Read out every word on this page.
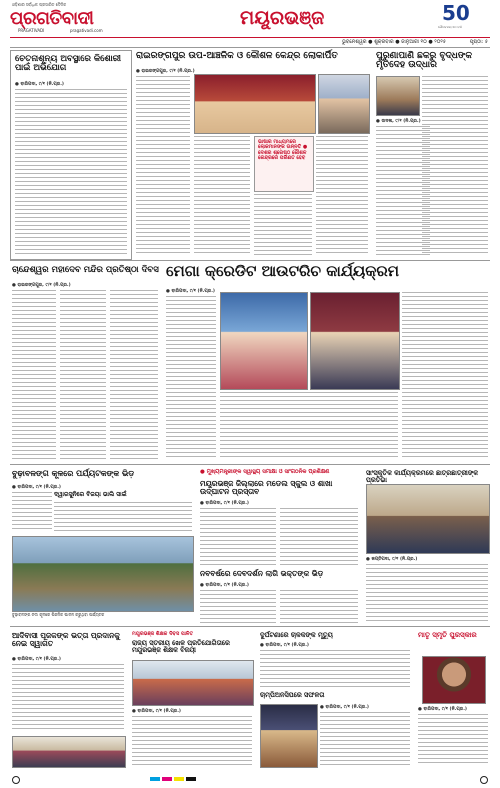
ଓଡ଼ିଶାର ସର୍ବାଧିକ ପ୍ରସାରିତ ଦୈନିକ
ପ୍ରଗତିବାଦୀ
PRAGATIVADI	pragativadi.com
ମୟୂରଭଞ୍ଜ	50
ଗୌରବମୟ ୫୦ ବର୍ଷ
ଭୁବନେଶ୍ୱର ● ଶୁକ୍ରବାର ● ଜାନୁଆରୀ ୧୦ ● ୨୦୨୫	ପୃଷ୍ଠା: ୫
ଚେତନାଶୂନ୍ୟ ଅବସ୍ଥାରେ କିଶୋରୀ ପାଇଁ ଅଭିଯୋଗ
● ବାରିପଦା, ୯/୧ (ନି.ପ୍ର.)
ରାଇରଙ୍ଗପୁର ଉପ-ଆଞ୍ଚଳିକ ଓ କୌଶଳ କେନ୍ଦ୍ର ଲୋକାର୍ପିତ
● ରାଇରଙ୍ଗପୁର, ୯/୧ (ନି.ପ୍ର.)
ଭାଷାର ମାଧ୍ୟମରେ ଲୋକମାନଙ୍କ ଉନ୍ନତି ● ଦେଶର ଶ୍ରେଷ୍ଠ କୌଶଳ କେନ୍ଦ୍ରରେ ପରିଣତ ହେବ
ପୁରୁଣାପାଣି ଛକରୁ ବୃଦ୍ଧଙ୍କ ମୃତଦେହ ଉଦ୍ଧାର
● ଉଦଳା, ୯/୧ (ନି.ପ୍ର.)
ଚାନ୍ଦେଶ୍ୱର ମହାଦେବ ମନ୍ଦିର ପ୍ରତିଷ୍ଠା ଦିବସ
● ରାଇରଙ୍ଗପୁର, ୯/୧ (ନି.ପ୍ର.)
ମେଗା କ୍ରେଡିଟ ଆଉଟରିଚ କାର୍ଯ୍ୟକ୍ରମ
● ବାରିପଦା, ୯/୧ (ନି.ପ୍ର.)
ବୁଢ଼ାବଳଙ୍ଗ କୂଳରେ ପର୍ଯ୍ୟଟକଙ୍କ ଭିଡ଼
● ବାରିପଦା, ୯/୧ (ନି.ପ୍ର.)
ଦ୍ୱାରସୁନିରେ ବିଜୟା ଭାଲି ସାଇଁ
ବୁଢ଼ାବଳଙ୍ଗ ନଦୀ କୂଳରେ ପିକନିକ ପାଳନ କରୁଥିବା ପର୍ଯ୍ୟଟକ
● ମୁଖ୍ୟମନ୍ତ୍ରୀଙ୍କ ସ୍ୱାସ୍ଥ୍ୟ ସମୀକ୍ଷା ଓ ସାଂଗଠନିକ ପ୍ରଶିକ୍ଷଣ
ମୟୂରଭଞ୍ଜ ଜିଲ୍ଲାରେ ମଡେଲ ସ୍କୁଲ ଓ ଶାଖା ଉଦ୍‌ଘାଟନ ପ୍ରସ୍ତାବ
● ବାରିପଦା, ୯/୧ (ନି.ପ୍ର.)
ନବବର୍ଷରେ ଦେବଦର୍ଶନ ଲାଗି ଭକ୍ତଙ୍କ ଭିଡ଼
● ବାରିପଦା, ୯/୧ (ନି.ପ୍ର.)
ସାଂସ୍କୃତିକ କାର୍ଯ୍ୟକ୍ରମରେ ଛାତ୍ରଛାତ୍ରୀଙ୍କ ପ୍ରତିଭା
● କପ୍ତିପଦା, ୯/୧ (ନି.ପ୍ର.)
ଆଦିବାସୀ ପୂଜକଙ୍କ ଭତ୍ତା ପ୍ରଦାନକୁ ନେଇ ସ୍ୱାଗତ
● ବାରିପଦା, ୯/୧ (ନି.ପ୍ର.)
ମୟୂରଭଞ୍ଜ ଶିକ୍ଷକ ଦିବସ ପାଳିତ
ରାଜ୍ୟ ସ୍ତରୀୟ ଖେଳ ପ୍ରତିଯୋଗିତାରେ ମୟୂରଭଞ୍ଜ ଶିକ୍ଷକ ବିଜୟୀ
● ବାରିପଦା, ୯/୧ (ନି.ପ୍ର.)
ଦୁର୍ଘଟଣାରେ ଚାଳକଙ୍କ ମୃତ୍ୟୁ
● ବାରିପଦା, ୯/୧ (ନି.ପ୍ର.)
ଚାମ୍ପିଅନସିପରେ ସଫଳତା
● ବାରିପଦା, ୯/୧ (ନି.ପ୍ର.)
ମାତୃ ସ୍ମୃତି ପୁରସ୍କାର
● ବାରିପଦା, ୯/୧ (ନି.ପ୍ର.)
